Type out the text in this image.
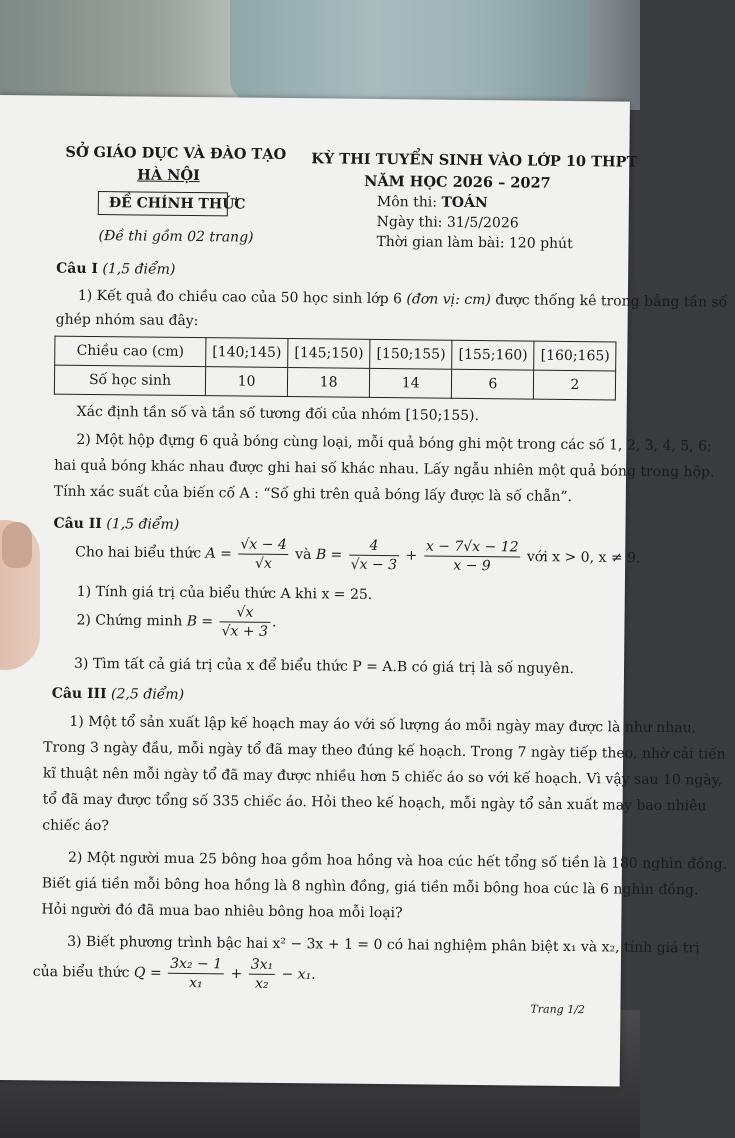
SỞ GIÁO DỤC VÀ ĐÀO TẠO
HÀ NỘI
ĐỀ CHÍNH THỨC
(Đề thi gồm 02 trang)
KỲ THI TUYỂN SINH VÀO LỚP 10 THPT
NĂM HỌC 2026 – 2027
Môn thi: TOÁN
Ngày thi: 31/5/2026
Thời gian làm bài: 120 phút
Câu I (1,5 điểm)
1) Kết quả đo chiều cao của 50 học sinh lớp 6 (đơn vị: cm) được thống kê trong bảng tần số
ghép nhóm sau đây:
Chiều cao (cm)	[140;145)	[145;150)	[150;155)	[155;160)	[160;165)
Số học sinh	10	18	14	6	2
Xác định tần số và tần số tương đối của nhóm [150;155).
2) Một hộp đựng 6 quả bóng cùng loại, mỗi quả bóng ghi một trong các số 1, 2, 3, 4, 5, 6;
hai quả bóng khác nhau được ghi hai số khác nhau. Lấy ngẫu nhiên một quả bóng trong hộp.
Tính xác suất của biến cố A : “Số ghi trên quả bóng lấy được là số chẵn”.
Câu II (1,5 điểm)
Cho hai biểu thức $A = \frac{√x - 4}{√x}$ và $B = \frac{4}{√x - 3} + \frac{x - 7√x - 12}{x - 9}$ với x > 0, x ≠ 9.
1) Tính giá trị của biểu thức A khi x = 25.
2) Chứng minh $B = \frac{√x}{√x + 3}$ .
3) Tìm tất cả giá trị của x để biểu thức P = A.B có giá trị là số nguyên.
Câu III (2,5 điểm)
1) Một tổ sản xuất lập kế hoạch may áo với số lượng áo mỗi ngày may được là như nhau.
Trong 3 ngày đầu, mỗi ngày tổ đã may theo đúng kế hoạch. Trong 7 ngày tiếp theo, nhờ cải tiến
kĩ thuật nên mỗi ngày tổ đã may được nhiều hơn 5 chiếc áo so với kế hoạch. Vì vậy sau 10 ngày,
tổ đã may được tổng số 335 chiếc áo. Hỏi theo kế hoạch, mỗi ngày tổ sản xuất may bao nhiêu
chiếc áo?
2) Một người mua 25 bông hoa gồm hoa hồng và hoa cúc hết tổng số tiền là 180 nghìn đồng.
Biết giá tiền mỗi bông hoa hồng là 8 nghìn đồng, giá tiền mỗi bông hoa cúc là 6 nghìn đồng.
Hỏi người đó đã mua bao nhiêu bông hoa mỗi loại?
3) Biết phương trình bậc hai x² − 3x + 1 = 0 có hai nghiệm phân biệt x₁ và x₂, tính giá trị
của biểu thức $Q = \frac{\text{3x₂ − 1}}{\text{x₁}} + \frac{\text{3x₁}}{\text{x₂}} - x_1$.
Trang 1/2
